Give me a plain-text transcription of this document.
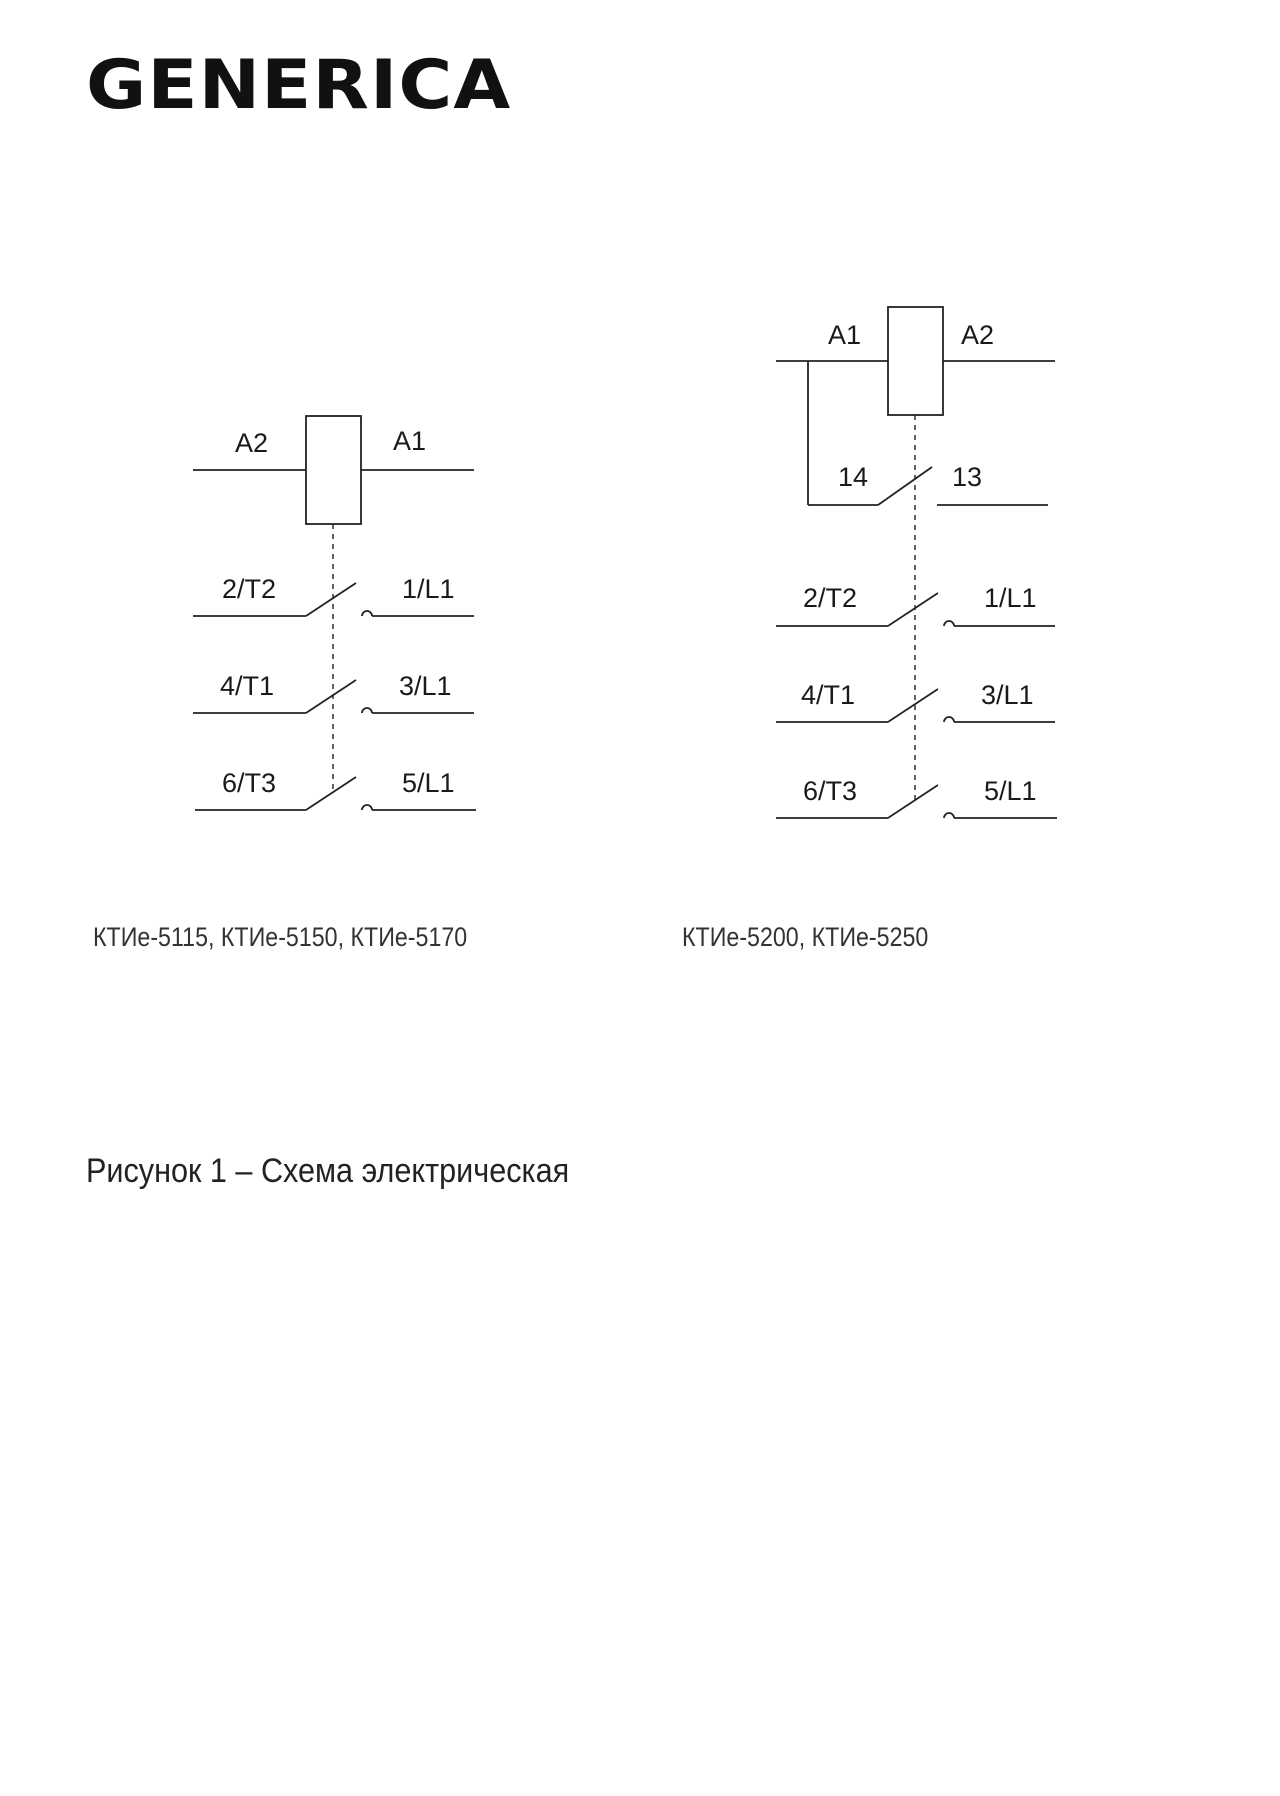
GENERICA
A2	A1
2/T2	1/L1
4/T1	3/L1
6/T3	5/L1
A1	A2
14	13
2/T2	1/L1
4/T1	3/L1
6/T3	5/L1
КТИе-5115, КТИе-5150, КТИе-5170	КТИе-5200, КТИе-5250
Рисунок 1 – Схема электрическая
